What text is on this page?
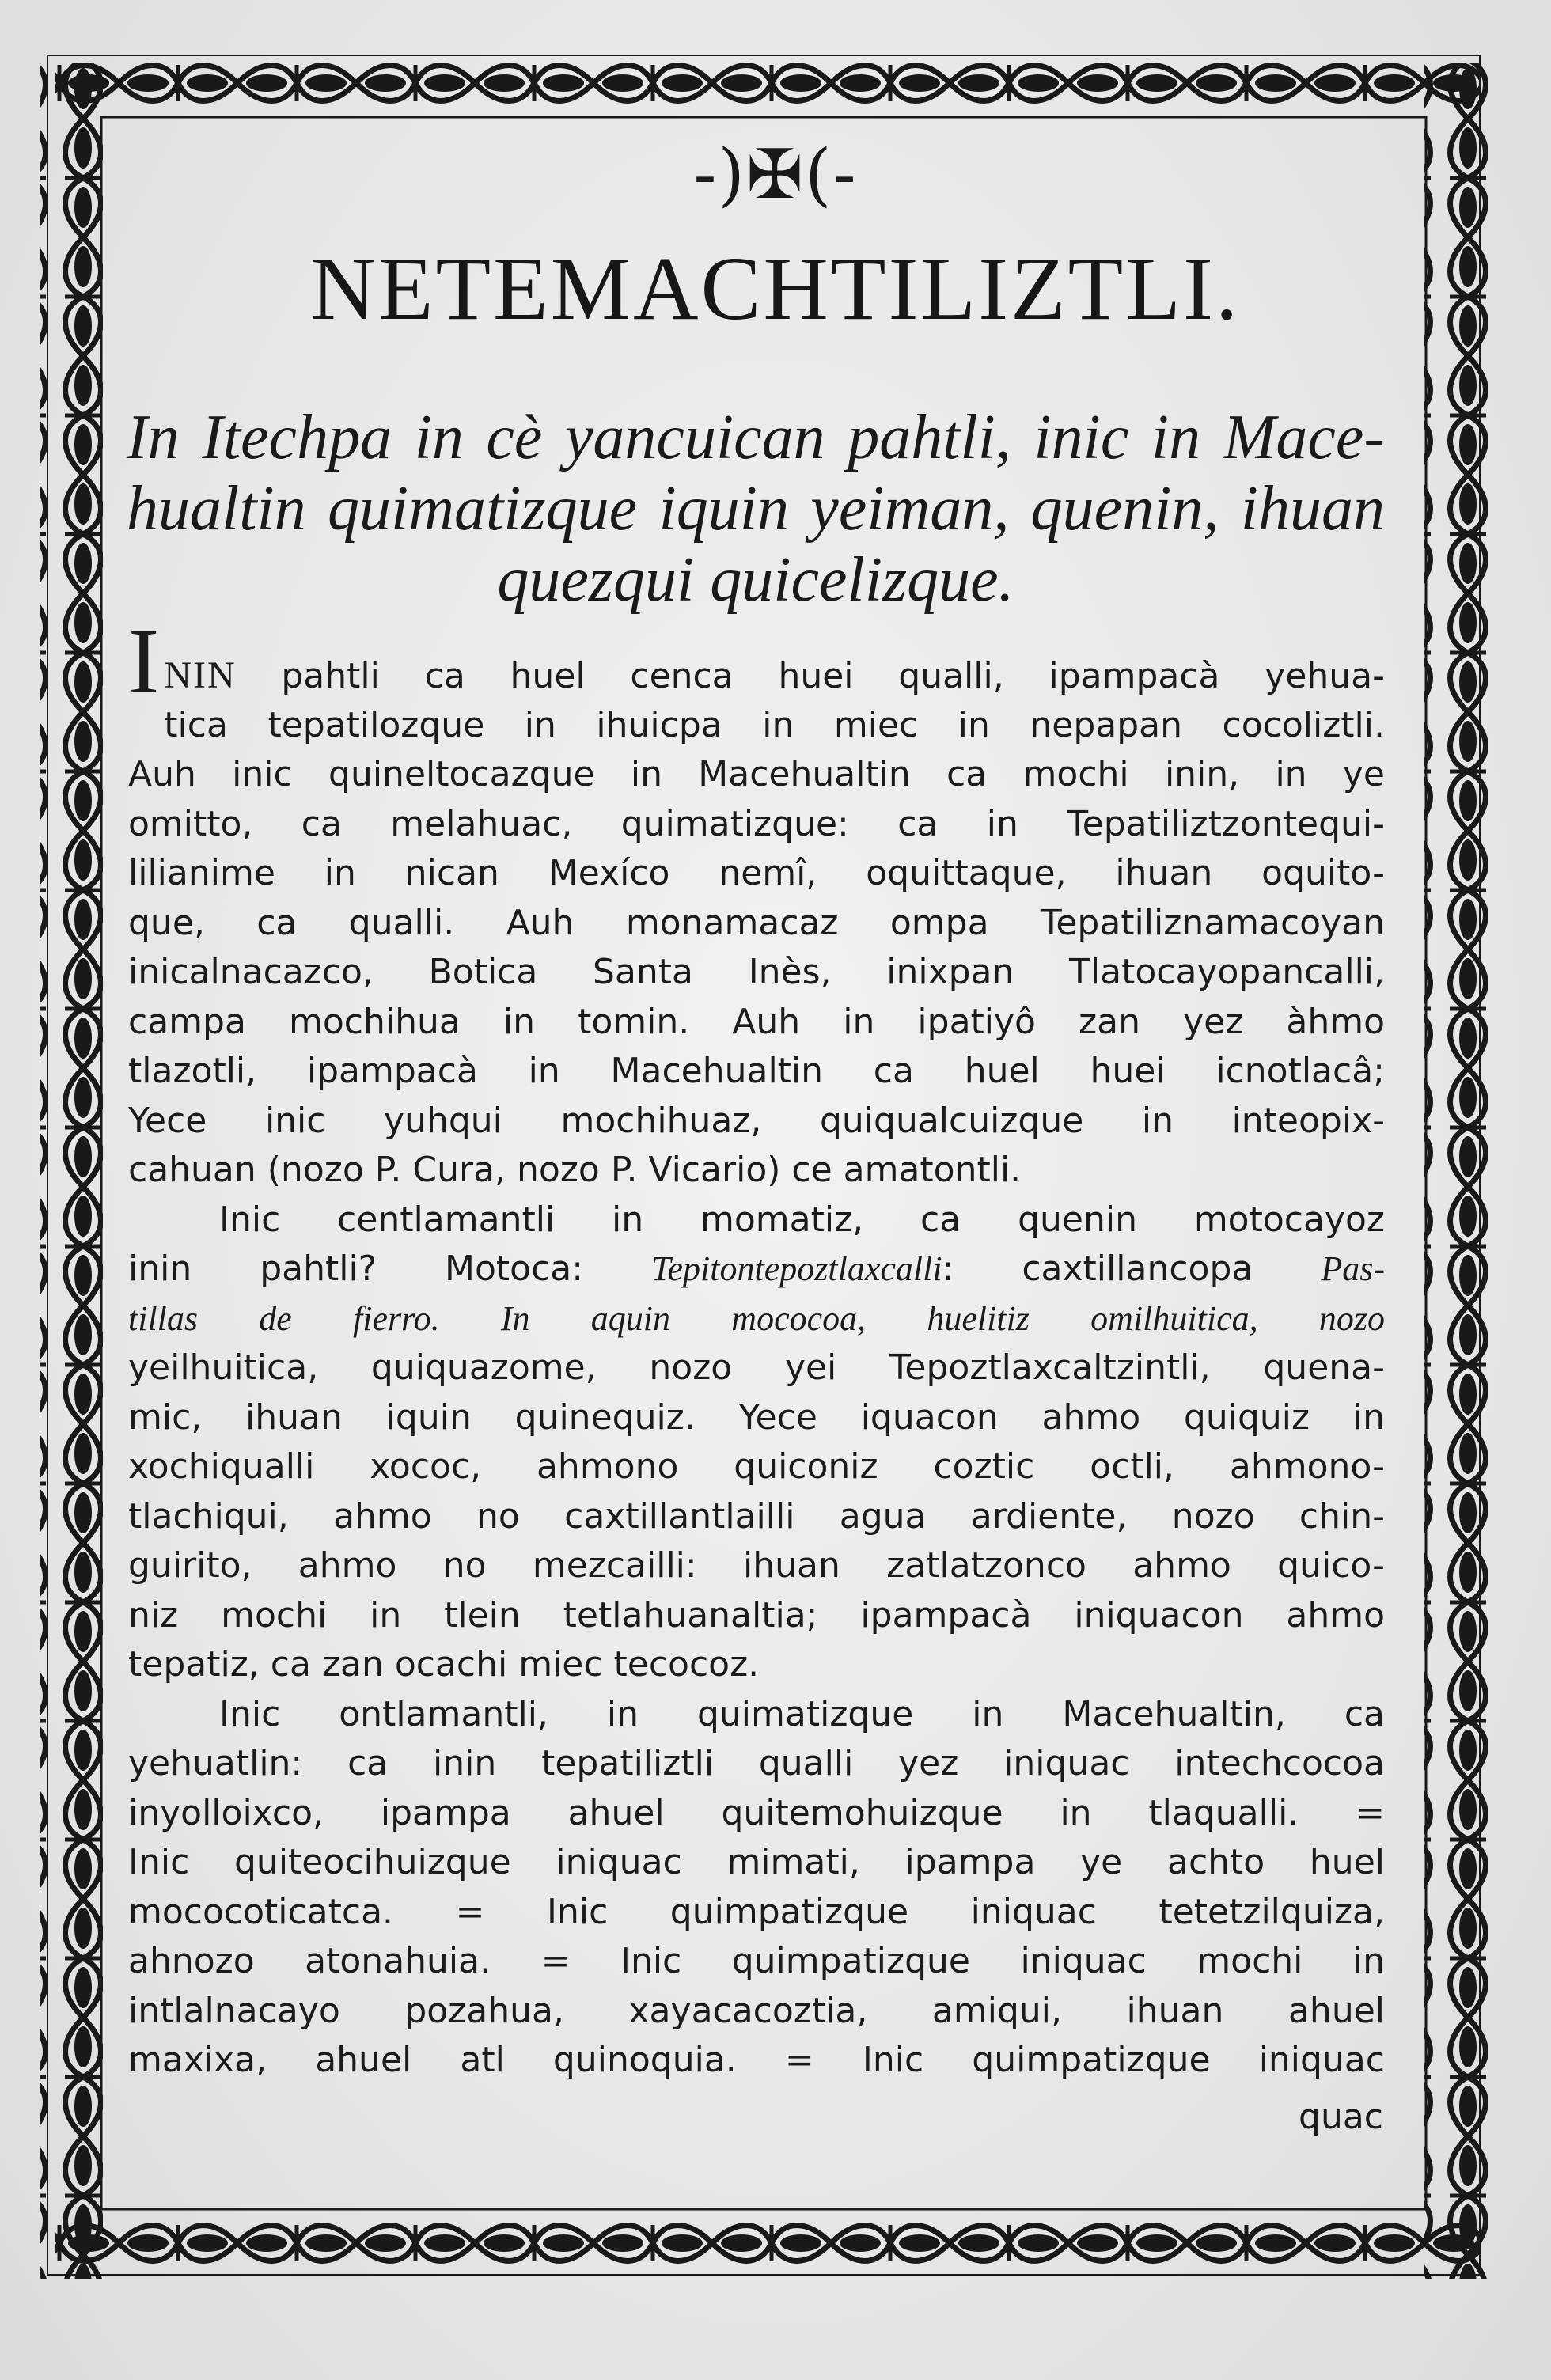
-)✠(-
NETEMACHTILIZTLI.
In Itechpa in cè yancuican pahtli, inic in Mace-
hualtin quimatizque iquin yeiman, quenin, ihuan
quezqui quicelizque.
ININ pahtli ca huel cenca huei qualli, ipampacà yehua-
tica tepatilozque in ihuicpa in miec in nepapan cocoliztli.
Auh inic quineltocazque in Macehualtin ca mochi inin, in ye
omitto, ca melahuac, quimatizque: ca in Tepatiliztzontequi-
lilianime in nican Mexíco nemî, oquittaque, ihuan oquito-
que, ca qualli. Auh monamacaz ompa Tepatiliznamacoyan
inicalnacazco, Botica Santa Inès, inixpan Tlatocayopancalli,
campa mochihua in tomin. Auh in ipatiyô zan yez àhmo
tlazotli, ipampacà in Macehualtin ca huel huei icnotlacâ;
Yece inic yuhqui mochihuaz, quiqualcuizque in inteopix-
cahuan (nozo P. Cura, nozo P. Vicario) ce amatontli.
Inic centlamantli in momatiz, ca quenin motocayoz
inin pahtli? Motoca: Tepitontepoztlaxcalli: caxtillancopa Pas-
tillas de fierro. In aquin mococoa, huelitiz omilhuitica, nozo
yeilhuitica, quiquazome, nozo yei Tepoztlaxcaltzintli, quena-
mic, ihuan iquin quinequiz. Yece iquacon ahmo quiquiz in
xochiqualli xococ, ahmono quiconiz coztic octli, ahmono-
tlachiqui, ahmo no caxtillantlailli agua ardiente, nozo chin-
guirito, ahmo no mezcailli: ihuan zatlatzonco ahmo quico-
niz mochi in tlein tetlahuanaltia; ipampacà iniquacon ahmo
tepatiz, ca zan ocachi miec tecocoz.
Inic ontlamantli, in quimatizque in Macehualtin, ca
yehuatlin: ca inin tepatiliztli qualli yez iniquac intechcocoa
inyolloixco, ipampa ahuel quitemohuizque in tlaqualli. =
Inic quiteocihuizque iniquac mimati, ipampa ye achto huel
mococoticatca. = Inic quimpatizque iniquac tetetzilquiza,
ahnozo atonahuia. = Inic quimpatizque iniquac mochi in
intlalnacayo pozahua, xayacacoztia, amiqui, ihuan ahuel
maxixa, ahuel atl quinoquia. = Inic quimpatizque iniquac
quac
